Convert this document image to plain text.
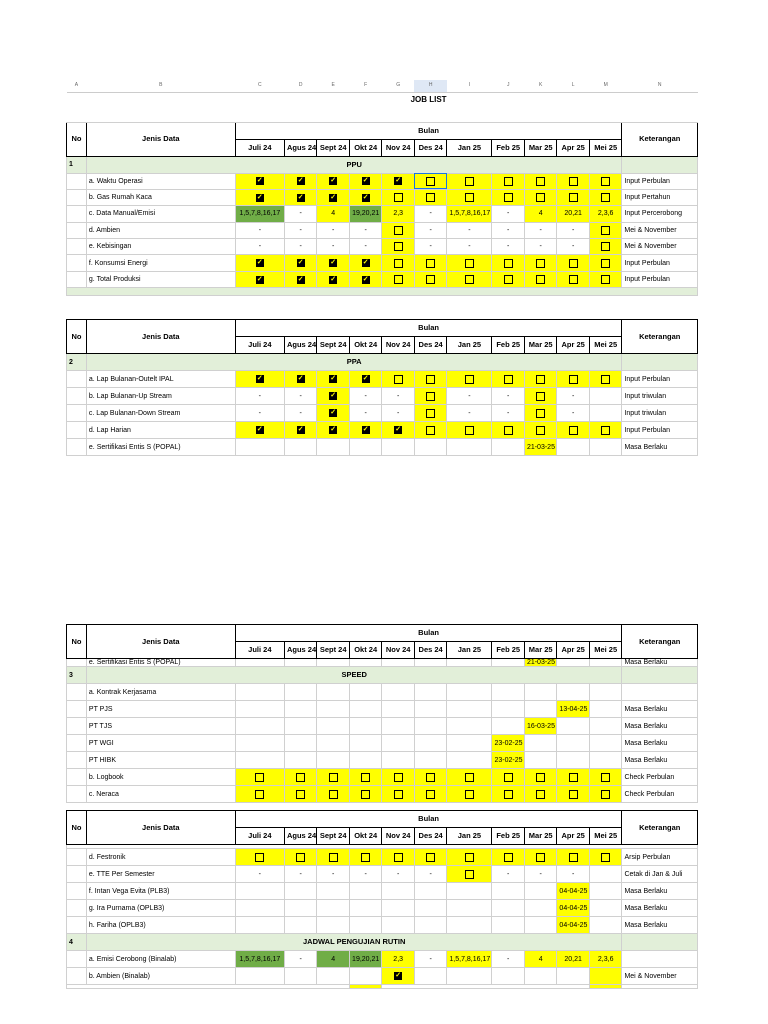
A	B	C	D	E	F	G	H	I	J	K	L	M	N
		JOB LIST											

No	Jenis Data	Bulan											Keterangan
		Juli 24	Agus 24	Sept 24	Okt 24	Nov 24	Des 24	Jan 25	Feb 25	Mar 25	Apr 25	Mei 25	
1	PPU												
	a. Waktu Operasi	✓	✓	✓	✓	✓							Input Perbulan
	b. Gas Rumah Kaca	✓	✓	✓	✓								Input Pertahun
	c. Data Manual/Emisi	1,5,7,8,16,17	-	4	19,20,21	2,3	-	1,5,7,8,16,17	-	4	20,21	2,3,6	Input Percerobong
	d. Ambien	-	-	-	-		-	-	-	-	-		Mei & November
	e. Kebisingan	-	-	-	-		-	-	-	-	-		Mei & November
	f. Konsumsi Energi	✓	✓	✓	✓								Input Perbulan
	g. Total Produksi	✓	✓	✓	✓								Input Perbulan

No	Jenis Data	Bulan											Keterangan
		Juli 24	Agus 24	Sept 24	Okt 24	Nov 24	Des 24	Jan 25	Feb 25	Mar 25	Apr 25	Mei 25	
2	PPA												
	a. Lap Bulanan-Outelt IPAL	✓	✓	✓	✓								Input Perbulan
	b. Lap Bulanan-Up Stream	-	-	✓	-	-		-	-		-		Input triwulan
	c. Lap Bulanan-Down Stream	-	-	✓	-	-		-	-		-		Input triwulan
	d. Lap Harian	✓	✓	✓	✓	✓							Input Perbulan
	e. Sertifikasi Entis S (POPAL)									21-03-25			Masa Berlaku
No	Jenis Data	Bulan											Keterangan
		Juli 24	Agus 24	Sept 24	Okt 24	Nov 24	Des 24	Jan 25	Feb 25	Mar 25	Apr 25	Mei 25	
	e. Sertifikasi Entis S (POPAL)									21-03-25			Masa Berlaku
3	SPEED												
	a. Kontrak Kerjasama												
	PT PJS										13-04-25		Masa Berlaku
	PT TJS									16-03-25			Masa Berlaku
	PT WGI								23-02-25				Masa Berlaku
	PT HIBK								23-02-25				Masa Berlaku
	b. Logbook												Check Perbulan
	c. Neraca												Check Perbulan
No	Jenis Data	Bulan											Keterangan
		Juli 24	Agus 24	Sept 24	Okt 24	Nov 24	Des 24	Jan 25	Feb 25	Mar 25	Apr 25	Mei 25	

	d. Festronik												Arsip Perbulan
	e. TTE Per Semester	-	-	-	-	-	-		-	-	-		Cetak di Jan & Juli
	f. Intan Vega Evita (PLB3)										04-04-25		Masa Berlaku
	g. Ira Purnama (OPLB3)										04-04-25		Masa Berlaku
	h. Fariha (OPLB3)										04-04-25		Masa Berlaku
4	JADWAL PENGUJIAN RUTIN												
	a. Emisi Cerobong (Binalab)	1,5,7,8,16,17	-	4	19,20,21	2,3	-	1,5,7,8,16,17	-	4	20,21	2,3,6	
	b. Ambien (Binalab)					✓							Mei & November
